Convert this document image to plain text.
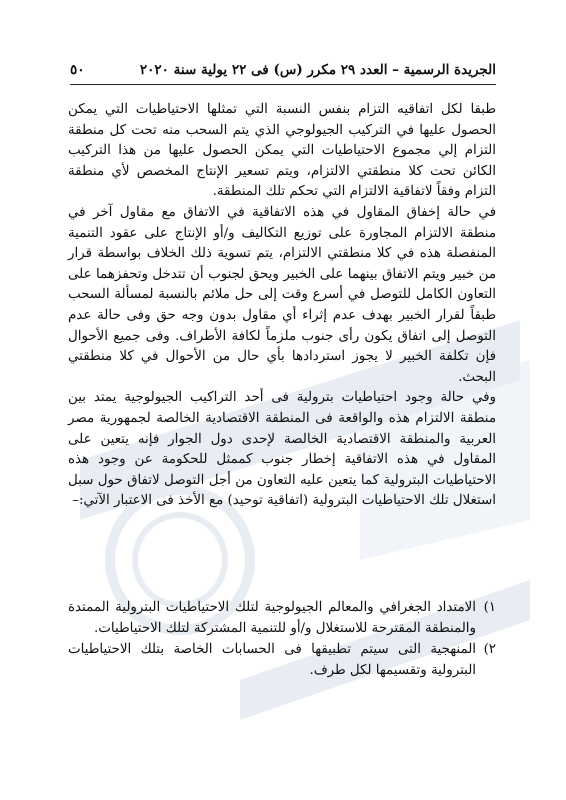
الجريدة الرسمية – العدد ٢٩ مكرر (س) فى ٢٢ يولية سنة ٢٠٢٠
٥٠

طبقا لكل اتفاقيه التزام بنفس النسبة التي تمثلها الاحتياطيات التي يمكن الحصول عليها في التركيب الجيولوجي الذي يتم السحب منه تحت كل منطقة التزام إلي مجموع الاحتياطيات التي يمكن الحصول عليها من هذا التركيب الكائن تحت كلا منطقتي الالتزام، ويتم تسعير الإنتاج المخصص لأي منطقة التزام وفقاً لاتفاقية الالتزام التي تحكم تلك المنطقة.

في حالة إخفاق المقاول في هذه الاتفاقية في الاتفاق مع مقاول آخر في منطقة الالتزام المجاورة على توزيع التكاليف و/أو الإنتاج على عقود التنمية المنفصلة هذه في كلا منطقتي الالتزام، يتم تسوية ذلك الخلاف بواسطة قرار من خبير ويتم الاتفاق بينهما على الخبير ويحق لجنوب أن تتدخل وتحفزهما على التعاون الكامل للتوصل في أسرع وقت إلى حل ملائم بالنسبة لمسألة السحب طبقاً لقرار الخبير بهدف عدم إثراء أي مقاول بدون وجه حق وفى حالة عدم التوصل إلى اتفاق يكون رأى جنوب ملزماً لكافة الأطراف. وفى جميع الأحوال فإن تكلفة الخبير لا يجوز استردادها بأي حال من الأحوال في كلا منطقتي البحث.

وفي حالة وجود احتياطيات بترولية فى أحد التراكيب الجيولوجية يمتد بين منطقة الالتزام هذه والواقعة فى المنطقة الاقتصادية الخالصة لجمهورية مصر العربية والمنطقة الاقتصادية الخالصة لإحدى دول الجوار فإنه يتعين على المقاول في هذه الاتفاقية إخطار جنوب كممثل للحكومة عن وجود هذه الاحتياطيات البترولية كما يتعين عليه التعاون من أجل التوصل لاتفاق حول سبل استغلال تلك الاحتياطيات البترولية (اتفاقية توحيد) مع الأخذ فى الاعتبار الآتي:–

١)
الامتداد الجغرافي والمعالم الجيولوجية لتلك الاحتياطيات البترولية الممتدة والمنطقة المقترحة للاستغلال و/أو للتنمية المشتركة لتلك الاحتياطيات.
٢)
المنهجية التى سيتم تطبيقها فى الحسابات الخاصة بتلك الاحتياطيات البترولية وتقسيمها لكل طرف.
